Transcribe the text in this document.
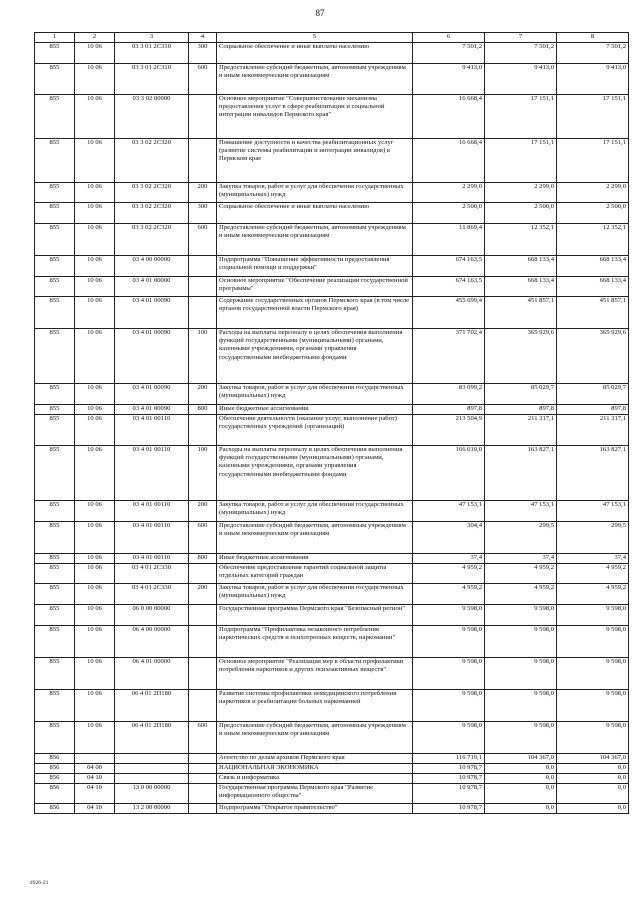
87
1	2	3	4	5	6	7	8
855	10 06	03 3 01 2С310	300	Социальное обеспечение и иные выплаты населению	7 501,2	7 501,2	7 501,2
855	10 06	03 3 01 2С310	600	Предоставление субсидий бюджетным, автономным учреждениям и иным некоммерческим организациям	9 413,0	9 413,0	9 413,0
855	10 06	03 3 02 00000		Основное мероприятие "Совершенствование механизма предоставления услуг в сфере реабилитации и социальной интеграции инвалидов Пермского края"	16 668,4	17 151,1	17 151,1
855	10 06	03 3 02 2С320		Повышение доступности и качества реабилитационных услуг (развитие системы реабилитации и интеграции инвалидов) в Пермском крае	16 668,4	17 151,1	17 151,1
855	10 06	03 3 02 2С320	200	Закупка товаров, работ и услуг для обеспечения государственных (муниципальных) нужд	2 299,0	2 299,0	2 299,0
855	10 06	03 3 02 2С320	300	Социальное обеспечение и иные выплаты населению	2 500,0	2 500,0	2 500,0
855	10 06	03 3 02 2С320	600	Предоставление субсидий бюджетным, автономным учреждениям и иным некоммерческим организациям	11 869,4	12 352,1	12 352,1
855	10 06	03 4 00 00000		Подпрограмма "Повышение эффективности предоставления социальной помощи и поддержки"	674 163,5	668 133,4	668 133,4
855	10 06	03 4 01 00000		Основное мероприятие "Обеспечение реализации государственной программы"	674 163,5	668 133,4	668 133,4
855	10 06	03 4 01 00090		Содержание государственных органов Пермского края (в том числе органов государственной власти Пермского края)	455 699,4	451 857,1	451 857,1
855	10 06	03 4 01 00090	100	Расходы на выплаты персоналу в целях обеспечения выполнения функций государственными (муниципальными) органами, казенными учреждениями, органами управления государственными внебюджетными фондами	371 702,4	365 929,6	365 929,6
855	10 06	03 4 01 00090	200	Закупка товаров, работ и услуг для обеспечения государственных (муниципальных) нужд	83 099,2	85 029,7	85 029,7
855	10 06	03 4 01 00090	800	Иные бюджетные ассигнования	897,8	897,8	897,8
855	10 06	03 4 01 00110		Обеспечение деятельности (оказание услуг, выполнение работ) государственных учреждений (организаций)	213 504,9	211 317,1	211 317,1
855	10 06	03 4 01 00110	100	Расходы на выплаты персоналу в целях обеспечения выполнения функций государственными (муниципальными) органами, казенными учреждениями, органами управления государственными внебюджетными фондами	166 010,0	163 827,1	163 827,1
855	10 06	03 4 01 00110	200	Закупка товаров, работ и услуг для обеспечения государственных (муниципальных) нужд	47 153,1	47 153,1	47 153,1
855	10 06	03 4 01 00110	600	Предоставление субсидий бюджетным, автономным учреждениям и иным некоммерческим организациям	304,4	299,5	299,5
855	10 06	03 4 01 00110	800	Иные бюджетные ассигнования	37,4	37,4	37,4
855	10 06	03 4 01 2С330		Обеспечение предоставления гарантий социальной защиты отдельных категорий граждан	4 959,2	4 959,2	4 959,2
855	10 06	03 4 01 2С330	200	Закупка товаров, работ и услуг для обеспечения государственных (муниципальных) нужд	4 959,2	4 959,2	4 959,2
855	10 06	06 0 00 00000		Государственная программа Пермского края "Безопасный регион"	9 598,0	9 598,0	9 598,0
855	10 06	06 4 00 00000		Подпрограмма "Профилактика незаконного потребления наркотических средств и психотропных веществ, наркомании"	9 598,0	9 598,0	9 598,0
855	10 06	06 4 01 00000		Основное мероприятие "Реализация мер в области профилактики потребления наркотиков и других психоактивных веществ"	9 598,0	9 598,0	9 598,0
855	10 06	06 4 01 2П180		Развитие системы профилактики немедицинского потребления наркотиков и реабилитации больных наркоманией	9 598,0	9 598,0	9 598,0
855	10 06	06 4 01 2П180	600	Предоставление субсидий бюджетным, автономным учреждениям и иным некоммерческим организациям	9 598,0	9 598,0	9 598,0
856				Агентство по делам архивов Пермского края	116 719,1	104 367,0	104 367,0
856	04 00			НАЦИОНАЛЬНАЯ ЭКОНОМИКА	10 978,7	0,0	0,0
856	04 10			Связь и информатика	10 978,7	0,0	0,0
856	04 10	13 0 00 00000		Государственная программа Пермского края "Развитие информационного общества"	10 978,7	0,0	0,0
856	04 10	13 2 00 00000		Подпрограмма "Открытое правительство"	10 978,7	0,0	0,0
4926-21
